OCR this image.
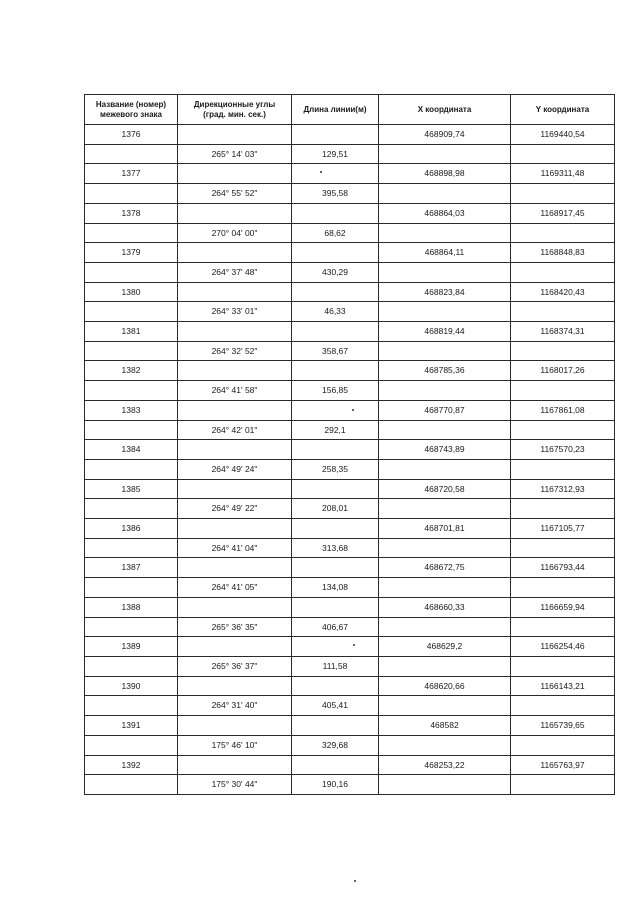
Название (номер)
межевого знака	Дирекционные углы
(град. мин. сек.)	Длина линии(м)	X координата	Y координата

1376			468909,74	1169440,54
	265° 14' 03"	129,51		
1377			468898,98	1169311,48
	264° 55' 52"	395,58		
1378			468864,03	1168917,45
	270° 04' 00"	68,62		
1379			468864,11	1168848,83
	264° 37' 48"	430,29		
1380			468823,84	1168420,43
	264° 33' 01"	46,33		
1381			468819,44	1168374,31
	264° 32' 52"	358,67		
1382			468785,36	1168017,26
	264° 41' 58"	156,85		
1383			468770,87	1167861,08
	264° 42' 01"	292,1		
1384			468743,89	1167570,23
	264° 49' 24"	258,35		
1385			468720,58	1167312,93
	264° 49' 22"	208,01		
1386			468701,81	1167105,77
	264° 41' 04"	313,68		
1387			468672,75	1166793,44
	264° 41' 05"	134,08		
1388			468660,33	1166659,94
	265° 36' 35"	406,67		
1389			468629,2	1166254,46
	265° 36' 37"	111,58		
1390			468620,66	1166143,21
	264° 31' 40"	405,41		
1391			468582	1165739,65
	175° 46' 10"	329,68		
1392			468253,22	1165763,97
	175° 30' 44"	190,16		
